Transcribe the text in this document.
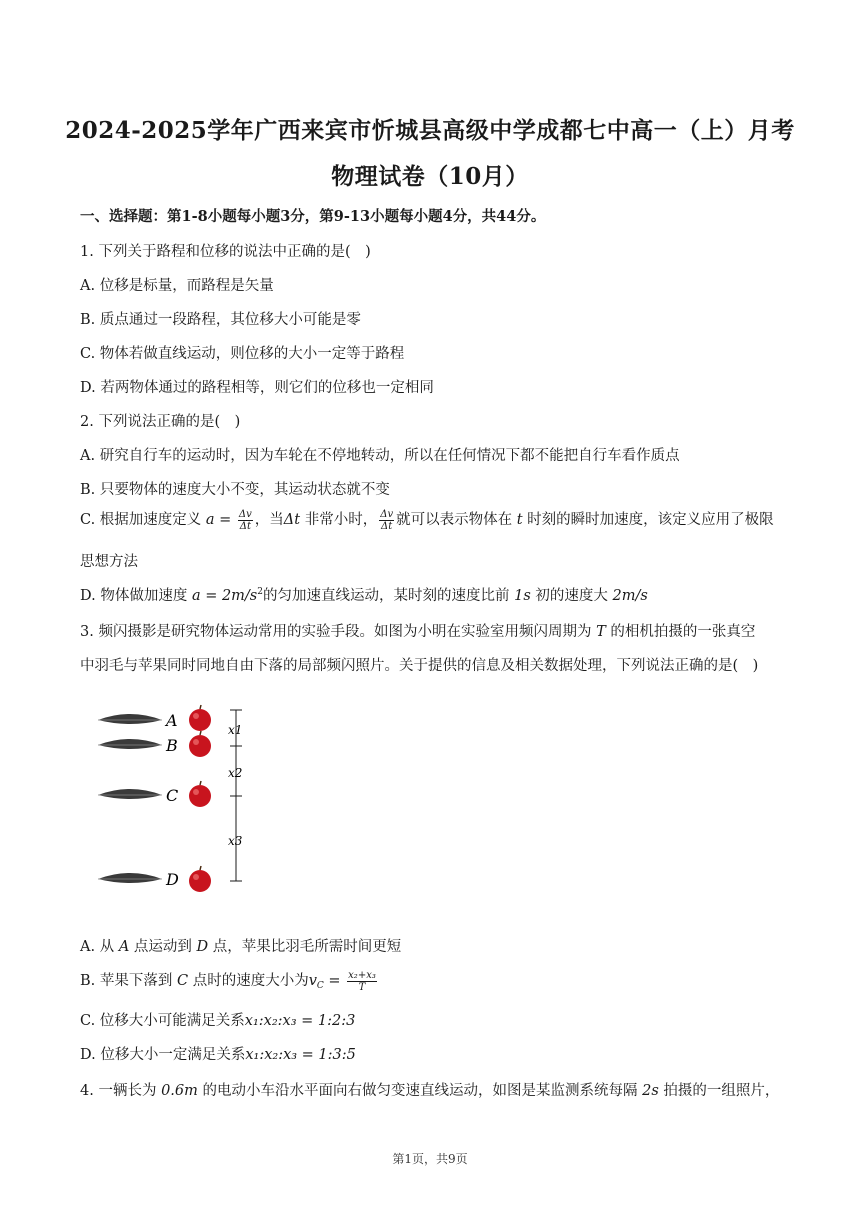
2024-2025学年广西来宾市忻城县高级中学成都七中高一（上）月考
物理试卷（10月）
一、选择题：第1-8小题每小题3分，第9-13小题每小题4分，共44分。
1. 下列关于路程和位移的说法中正确的是(　)
A. 位移是标量，而路程是矢量
B. 质点通过一段路程，其位移大小可能是零
C. 物体若做直线运动，则位移的大小一定等于路程
D. 若两物体通过的路程相等，则它们的位移也一定相同
2. 下列说法正确的是(　)
A. 研究自行车的运动时，因为车轮在不停地转动，所以在任何情况下都不能把自行车看作质点
B. 只要物体的速度大小不变，其运动状态就不变
C. 根据加速度定义 $a = \frac{\Delta v}{\Delta t}$ ，当Δt 非常小时， $\frac{\Delta v}{\Delta t}$ 就可以表示物体在 t 时刻的瞬时加速度，该定义应用了极限
思想方法
D. 物体做加速度 $a = 2m/s^2$的匀加速直线运动，某时刻的速度比前 1s 初的速度大 2m/s
3. 频闪摄影是研究物体运动常用的实验手段。如图为小明在实验室用频闪周期为 T 的相机拍摄的一张真空
中羽毛与苹果同时同地自由下落的局部频闪照片。关于提供的信息及相关数据处理，下列说法正确的是(　)
A
B
C
D
x1
x2
x3
A. 从 A 点运动到 D 点，苹果比羽毛所需时间更短
B. 苹果下落到 C 点时的速度大小为$v_C = \frac{\text{x₂+x₃}}{T}$
C. 位移大小可能满足关系x₁:x₂:x₃ = 1:2:3
D. 位移大小一定满足关系x₁:x₂:x₃ = 1:3:5
4. 一辆长为 0.6m 的电动小车沿水平面向右做匀变速直线运动，如图是某监测系统每隔 2s 拍摄的一组照片，
第1页，共9页
